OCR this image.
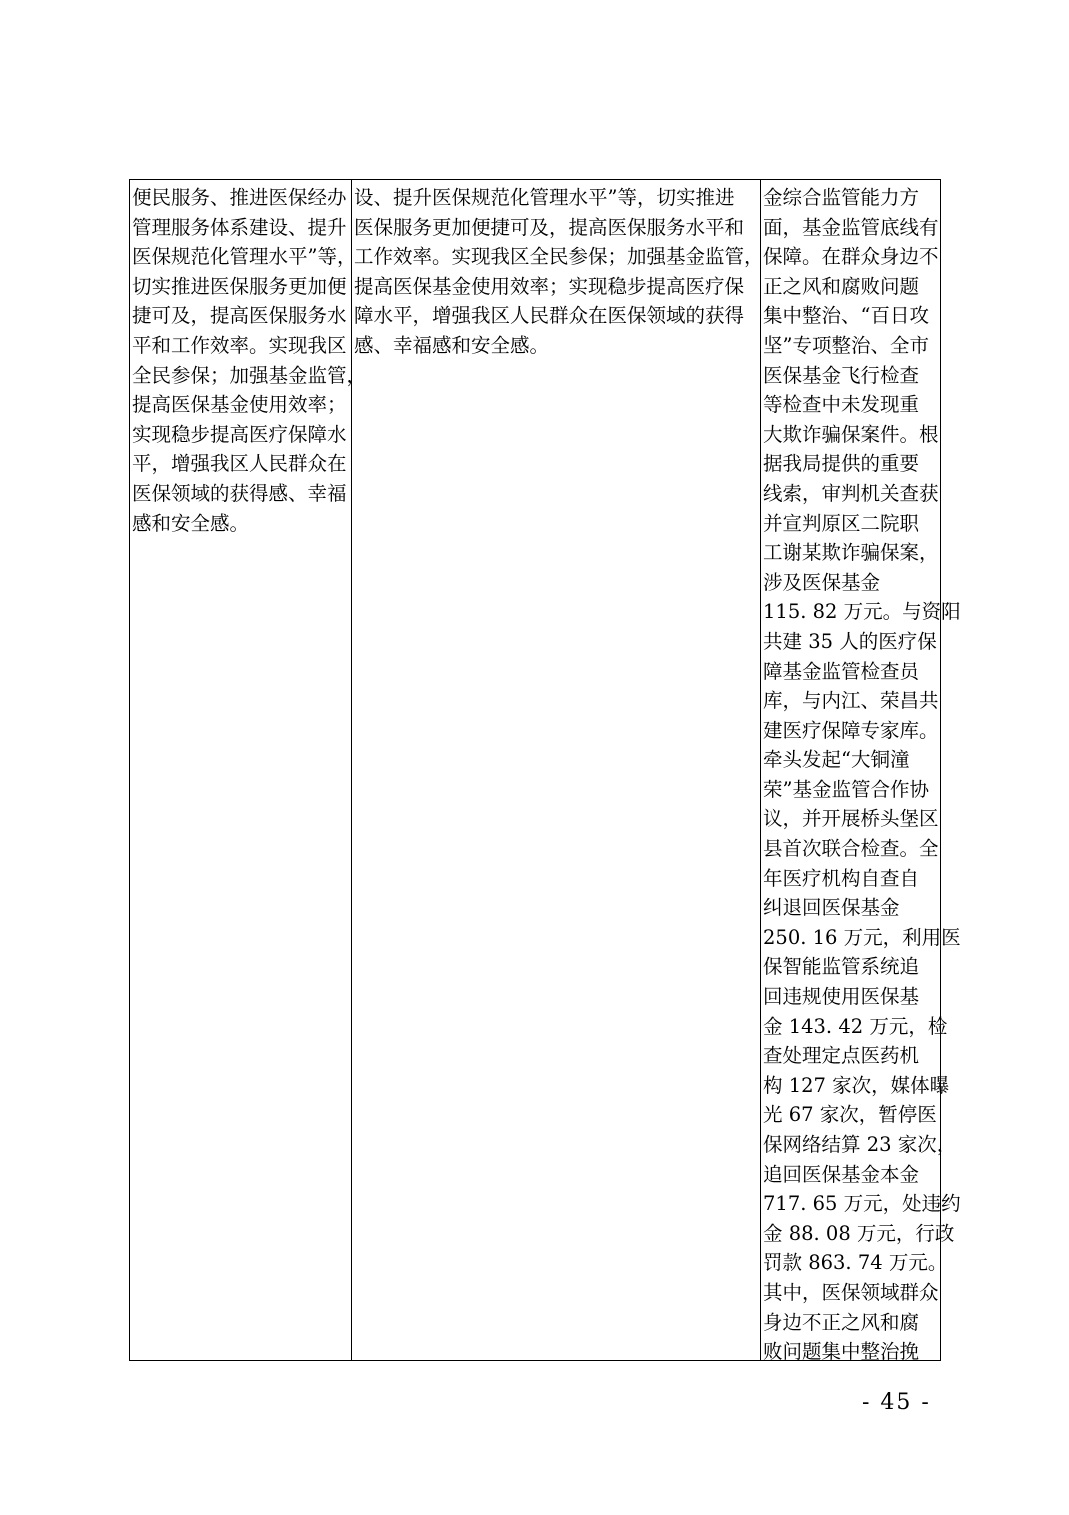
便民服务、推进医保经办
管理服务体系建设、提升
医保规范化管理水平”等，
切实推进医保服务更加便
捷可及，提高医保服务水
平和工作效率。实现我区
全民参保；加强基金监管，
提高医保基金使用效率；
实现稳步提高医疗保障水
平，增强我区人民群众在
医保领域的获得感、幸福
感和安全感。
设、提升医保规范化管理水平”等，切实推进
医保服务更加便捷可及，提高医保服务水平和
工作效率。实现我区全民参保；加强基金监管，
提高医保基金使用效率；实现稳步提高医疗保
障水平，增强我区人民群众在医保领域的获得
感、幸福感和安全感。
金综合监管能力方
面，基金监管底线有
保障。在群众身边不
正之风和腐败问题
集中整治、“百日攻
坚”专项整治、全市
医保基金飞行检查
等检查中未发现重
大欺诈骗保案件。根
据我局提供的重要
线索，审判机关查获
并宣判原区二院职
工谢某欺诈骗保案，
涉及医保基金
115. 82 万元。与资阳
共建 35 人的医疗保
障基金监管检查员
库，与内江、荣昌共
建医疗保障专家库。
牵头发起“大铜潼
荣”基金监管合作协
议，并开展桥头堡区
县首次联合检查。全
年医疗机构自查自
纠退回医保基金
250. 16 万元，利用医
保智能监管系统追
回违规使用医保基
金 143. 42 万元，检
查处理定点医药机
构 127 家次，媒体曝
光 67 家次，暂停医
保网络结算 23 家次，
追回医保基金本金
717. 65 万元，处违约
金 88. 08 万元，行政
罚款 863. 74 万元。
其中，医保领域群众
身边不正之风和腐
败问题集中整治挽
- 45 -
